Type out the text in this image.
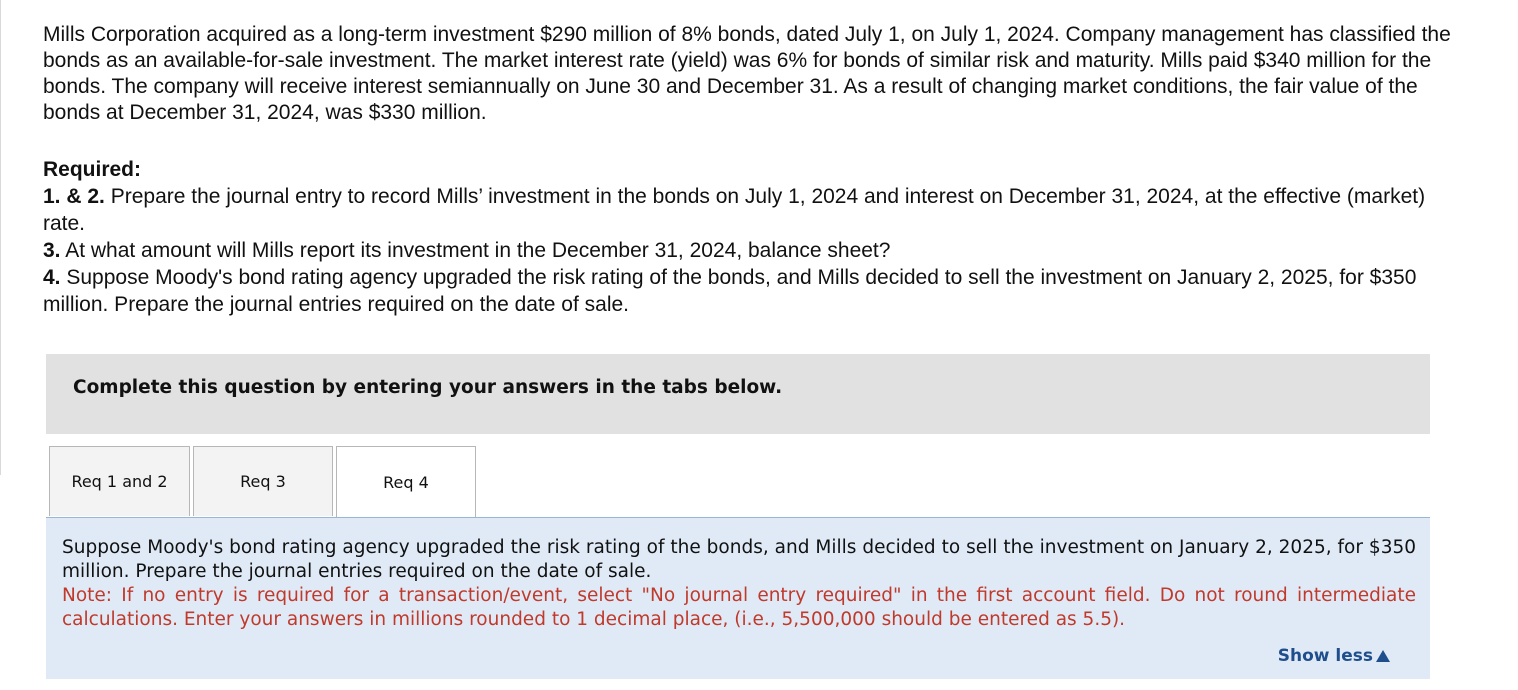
Mills Corporation acquired as a long-term investment $290 million of 8% bonds, dated July 1, on July 1, 2024. Company management has classified the bonds as an available-for-sale investment. The market interest rate (yield) was 6% for bonds of similar risk and maturity. Mills paid $340 million for the bonds. The company will receive interest semiannually on June 30 and December 31. As a result of changing market conditions, the fair value of the bonds at December 31, 2024, was $330 million.

Required:

1. & 2. Prepare the journal entry to record Mills’ investment in the bonds on July 1, 2024 and interest on December 31, 2024, at the effective (market) rate.

3. At what amount will Mills report its investment in the December 31, 2024, balance sheet?

4. Suppose Moody's bond rating agency upgraded the risk rating of the bonds, and Mills decided to sell the investment on January 2, 2025, for $350 million. Prepare the journal entries required on the date of sale.

Complete this question by entering your answers in the tabs below.
Req 1 and 2	Req 3	Req 4
Suppose Moody's bond rating agency upgraded the risk rating of the bonds, and Mills decided to sell the investment on January 2, 2025, for $350 million. Prepare the journal entries required on the date of sale.
Note: If no entry is required for a transaction/event, select "No journal entry required" in the first account field. Do not round intermediate calculations. Enter your answers in millions rounded to 1 decimal place, (i.e., 5,500,000 should be entered as 5.5).
Show less
